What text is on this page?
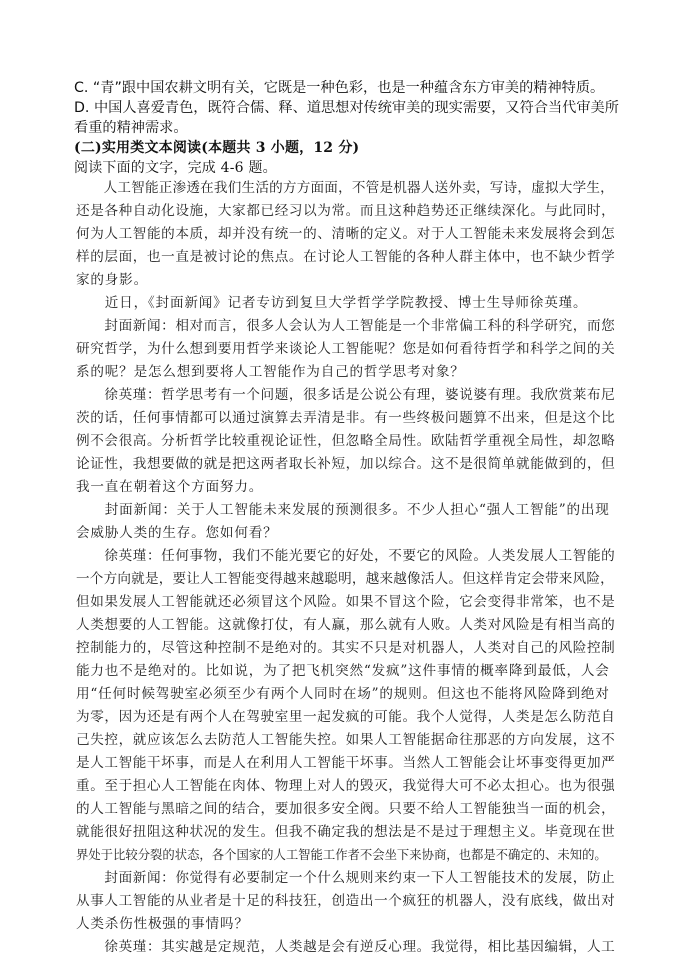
C. “青”跟中国农耕文明有关，它既是一种色彩，也是一种蕴含东方审美的精神特质。
D. 中国人喜爱青色，既符合儒、释、道思想对传统审美的现实需要，又符合当代审美所
看重的精神需求。
(二)实用类文本阅读(本题共 3 小题，12 分)
阅读下面的文字，完成 4-6 题。
　　人工智能正渗透在我们生活的方方面面，不管是机器人送外卖，写诗，虚拟大学生，
还是各种自动化设施，大家都已经习以为常。而且这种趋势还正继续深化。与此同时，
何为人工智能的本质，却并没有统一的、清晰的定义。对于人工智能未来发展将会到怎
样的层面，也一直是被讨论的焦点。在讨论人工智能的各种人群主体中，也不缺少哲学
家的身影。
　　近日，《封面新闻》记者专访到复旦大学哲学学院教授、博士生导师徐英瑾。
　　封面新闻：相对而言，很多人会认为人工智能是一个非常偏工科的科学研究，而您
研究哲学，为什么想到要用哲学来谈论人工智能呢？您是如何看待哲学和科学之间的关
系的呢？是怎么想到要将人工智能作为自己的哲学思考对象？
　　徐英瑾：哲学思考有一个问题，很多话是公说公有理，婆说婆有理。我欣赏莱布尼
茨的话，任何事情都可以通过演算去弄清是非。有一些终极问题算不出来，但是这个比
例不会很高。分析哲学比较重视论证性，但忽略全局性。欧陆哲学重视全局性，却忽略
论证性，我想要做的就是把这两者取长补短，加以综合。这不是很简单就能做到的，但
我一直在朝着这个方面努力。
　　封面新闻：关于人工智能未来发展的预测很多。不少人担心“强人工智能”的出现
会威胁人类的生存。您如何看？
　　徐英瑾：任何事物，我们不能光要它的好处，不要它的风险。人类发展人工智能的
一个方向就是，要让人工智能变得越来越聪明，越来越像活人。但这样肯定会带来风险，
但如果发展人工智能就还必须冒这个风险。如果不冒这个险，它会变得非常笨，也不是
人类想要的人工智能。这就像打仗，有人赢，那么就有人败。人类对风险是有相当高的
控制能力的，尽管这种控制不是绝对的。其实不只是对机器人，人类对自己的风险控制
能力也不是绝对的。比如说，为了把飞机突然“发疯”这件事情的概率降到最低，人会
用“任何时候驾驶室必须至少有两个人同时在场”的规则。但这也不能将风险降到绝对
为零，因为还是有两个人在驾驶室里一起发疯的可能。我个人觉得，人类是怎么防范自
己失控，就应该怎么去防范人工智能失控。如果人工智能据命往那恶的方向发展，这不
是人工智能干坏事，而是人在利用人工智能干坏事。当然人工智能会让坏事变得更加严
重。至于担心人工智能在肉体、物理上对人的毁灭，我觉得大可不必太担心。也为很强
的人工智能与黑暗之间的结合，要加很多安全阀。只要不给人工智能独当一面的机会，
就能很好扭阻这种状况的发生。但我不确定我的想法是不是过于理想主义。毕竟现在世
界处于比较分裂的状态，各个国家的人工智能工作者不会坐下来协商，也都是不确定的、未知的。
　　封面新闻：你觉得有必要制定一个什么规则来约束一下人工智能技术的发展，防止
从事人工智能的从业者是十足的科技狂，创造出一个疯狂的机器人，没有底线，做出对
人类杀伤性极强的事情吗？
　　徐英瑾：其实越是定规范，人类越是会有逆反心理。我觉得，相比基因编辑，人工
